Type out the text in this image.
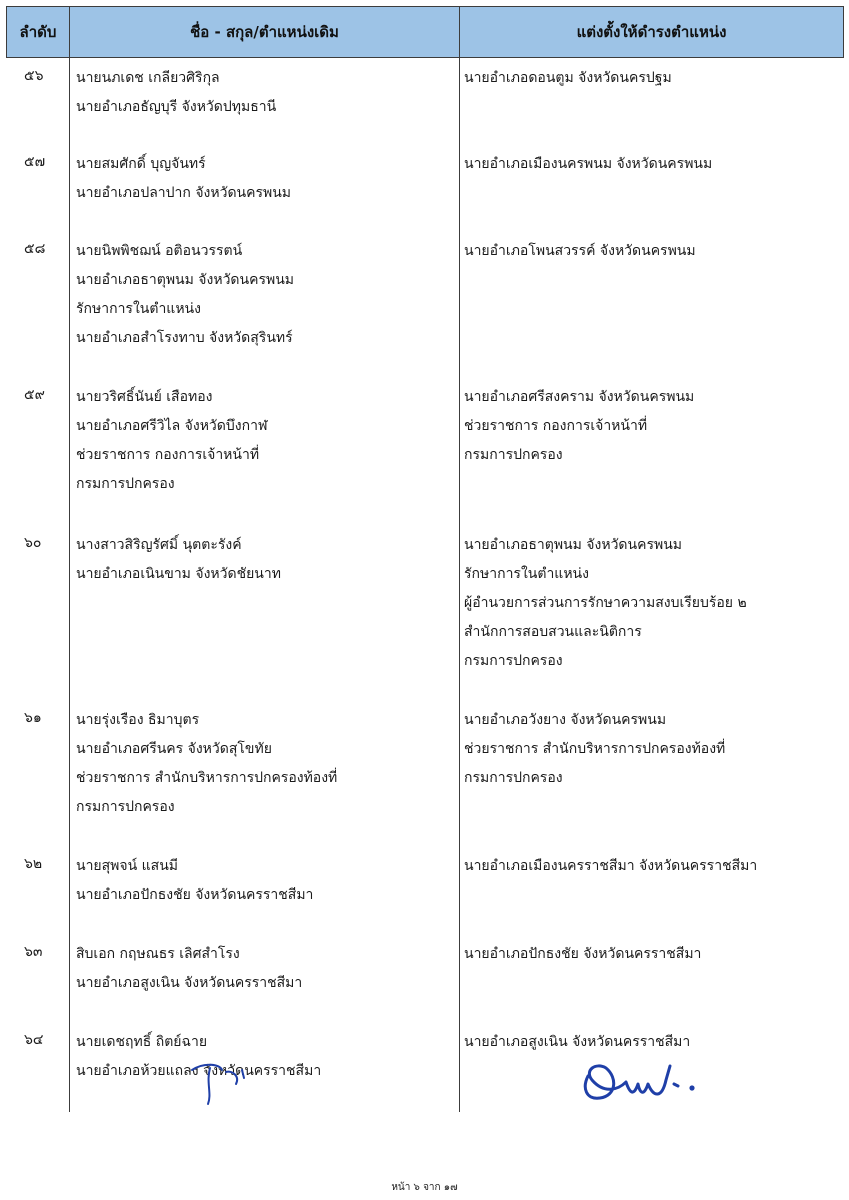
ลำดับ	ชื่อ - สกุล/ตำแหน่งเดิม	แต่งตั้งให้ดำรงตำแหน่ง
๕๖ นายนภเดช เกลียวศิริกุล
นายอำเภอธัญบุรี จังหวัดปทุมธานี
นายอำเภอดอนตูม จังหวัดนครปฐม
๕๗ นายสมศักดิ์ บุญจันทร์
นายอำเภอปลาปาก จังหวัดนครพนม
นายอำเภอเมืองนครพนม จังหวัดนครพนม
๕๘ นายนิพพิชฌน์ อติอนวรรตน์
นายอำเภอธาตุพนม จังหวัดนครพนม
รักษาการในตำแหน่ง
นายอำเภอสำโรงทาบ จังหวัดสุรินทร์
นายอำเภอโพนสวรรค์ จังหวัดนครพนม
๕๙ นายวริศธิ์นันย์ เสือทอง
นายอำเภอศรีวิไล จังหวัดบึงกาฬ
ช่วยราชการ กองการเจ้าหน้าที่
กรมการปกครอง
นายอำเภอศรีสงคราม จังหวัดนครพนม
ช่วยราชการ กองการเจ้าหน้าที่
กรมการปกครอง
๖๐ นางสาวสิริญรัศมิ์ นุตตะรังค์
นายอำเภอเนินขาม จังหวัดชัยนาท
นายอำเภอธาตุพนม จังหวัดนครพนม
รักษาการในตำแหน่ง
ผู้อำนวยการส่วนการรักษาความสงบเรียบร้อย ๒
สำนักการสอบสวนและนิติการ
กรมการปกครอง
๖๑ นายรุ่งเรือง ธิมาบุตร
นายอำเภอศรีนคร จังหวัดสุโขทัย
ช่วยราชการ สำนักบริหารการปกครองท้องที่
กรมการปกครอง
นายอำเภอวังยาง จังหวัดนครพนม
ช่วยราชการ สำนักบริหารการปกครองท้องที่
กรมการปกครอง
๖๒ นายสุพจน์ แสนมี
นายอำเภอปักธงชัย จังหวัดนครราชสีมา
นายอำเภอเมืองนครราชสีมา จังหวัดนครราชสีมา
๖๓ สิบเอก กฤษณธร เลิศสำโรง
นายอำเภอสูงเนิน จังหวัดนครราชสีมา
นายอำเภอปักธงชัย จังหวัดนครราชสีมา
๖๔ นายเดชฤทธิ์ ถิตย์ฉาย
นายอำเภอห้วยแถลง จังหวัดนครราชสีมา
นายอำเภอสูงเนิน จังหวัดนครราชสีมา
หน้า ๖ จาก ๑๗
